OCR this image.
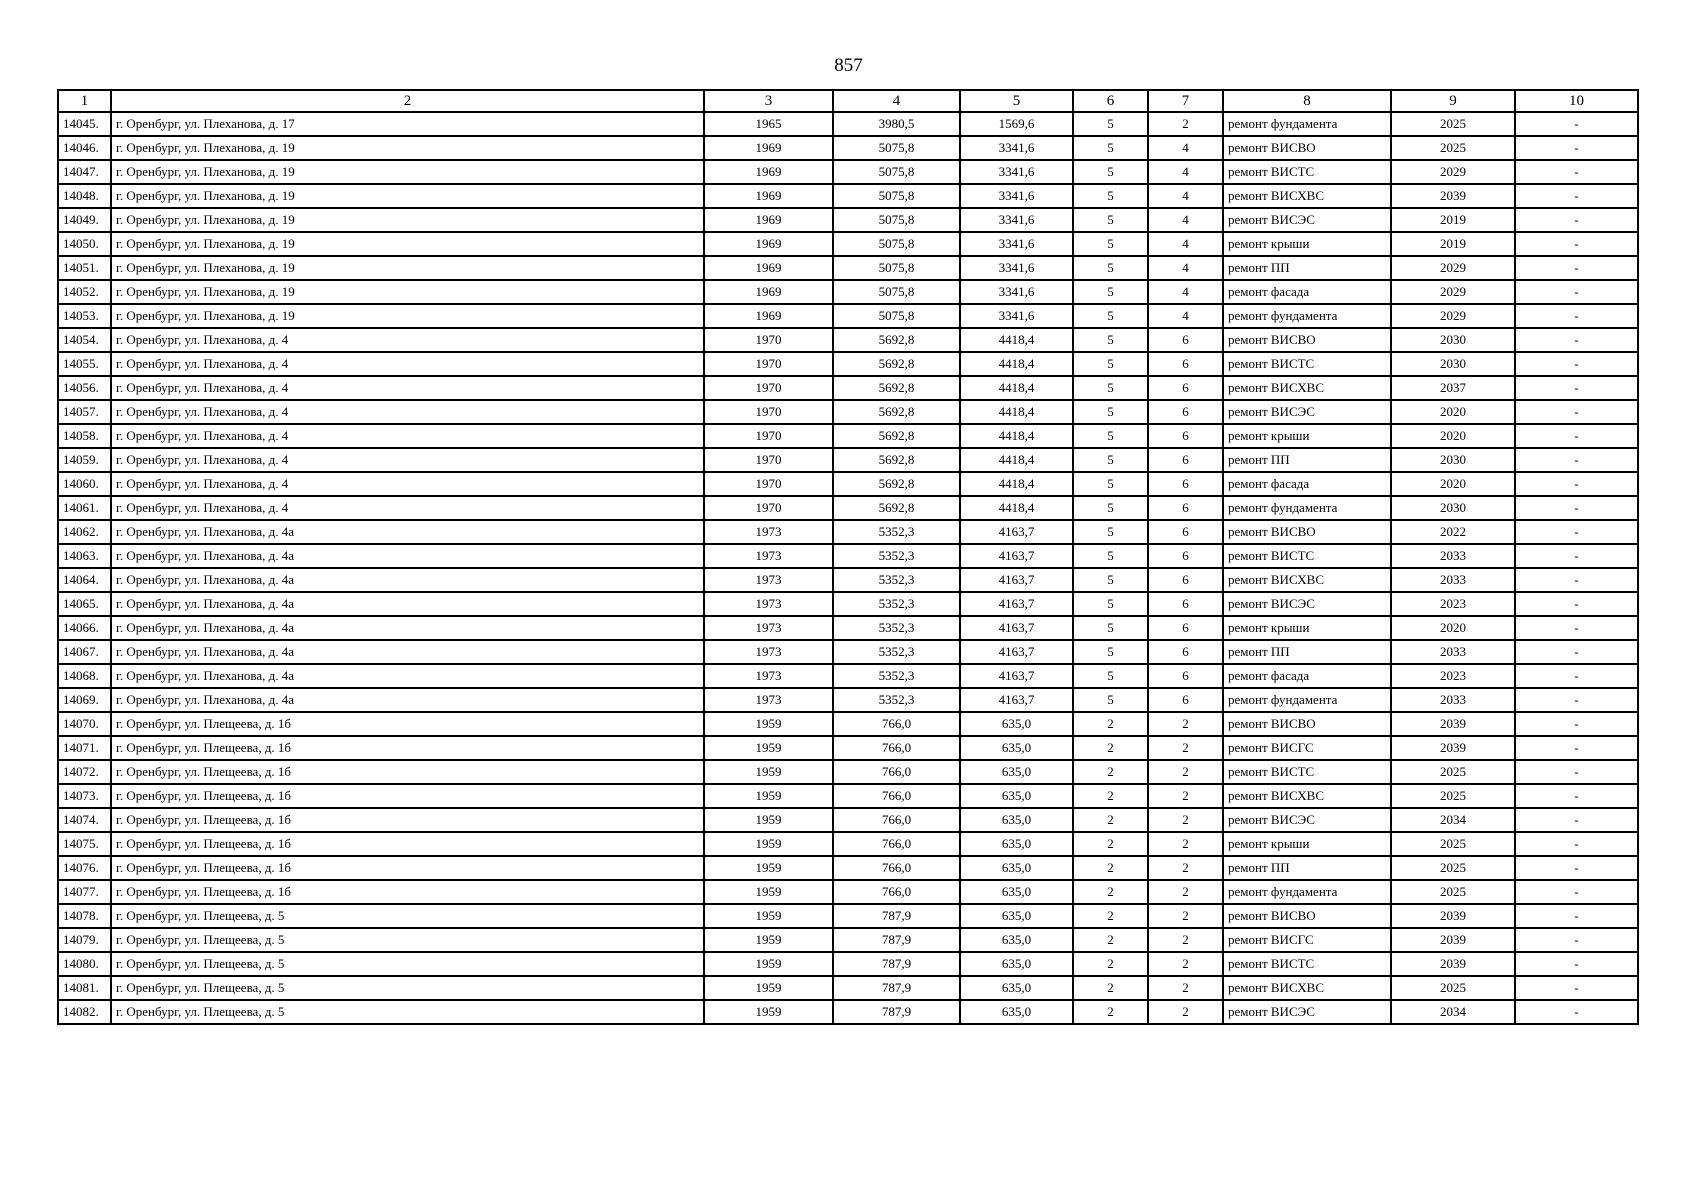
857
1	2	3	4	5	6	7	8	9	10
14045.	г. Оренбург, ул. Плеханова, д. 17	1965	3980,5	1569,6	5	2	ремонт фундамента	2025	-
14046.	г. Оренбург, ул. Плеханова, д. 19	1969	5075,8	3341,6	5	4	ремонт ВИСВО	2025	-
14047.	г. Оренбург, ул. Плеханова, д. 19	1969	5075,8	3341,6	5	4	ремонт ВИСТС	2029	-
14048.	г. Оренбург, ул. Плеханова, д. 19	1969	5075,8	3341,6	5	4	ремонт ВИСХВС	2039	-
14049.	г. Оренбург, ул. Плеханова, д. 19	1969	5075,8	3341,6	5	4	ремонт ВИСЭС	2019	-
14050.	г. Оренбург, ул. Плеханова, д. 19	1969	5075,8	3341,6	5	4	ремонт крыши	2019	-
14051.	г. Оренбург, ул. Плеханова, д. 19	1969	5075,8	3341,6	5	4	ремонт ПП	2029	-
14052.	г. Оренбург, ул. Плеханова, д. 19	1969	5075,8	3341,6	5	4	ремонт фасада	2029	-
14053.	г. Оренбург, ул. Плеханова, д. 19	1969	5075,8	3341,6	5	4	ремонт фундамента	2029	-
14054.	г. Оренбург, ул. Плеханова, д. 4	1970	5692,8	4418,4	5	6	ремонт ВИСВО	2030	-
14055.	г. Оренбург, ул. Плеханова, д. 4	1970	5692,8	4418,4	5	6	ремонт ВИСТС	2030	-
14056.	г. Оренбург, ул. Плеханова, д. 4	1970	5692,8	4418,4	5	6	ремонт ВИСХВС	2037	-
14057.	г. Оренбург, ул. Плеханова, д. 4	1970	5692,8	4418,4	5	6	ремонт ВИСЭС	2020	-
14058.	г. Оренбург, ул. Плеханова, д. 4	1970	5692,8	4418,4	5	6	ремонт крыши	2020	-
14059.	г. Оренбург, ул. Плеханова, д. 4	1970	5692,8	4418,4	5	6	ремонт ПП	2030	-
14060.	г. Оренбург, ул. Плеханова, д. 4	1970	5692,8	4418,4	5	6	ремонт фасада	2020	-
14061.	г. Оренбург, ул. Плеханова, д. 4	1970	5692,8	4418,4	5	6	ремонт фундамента	2030	-
14062.	г. Оренбург, ул. Плеханова, д. 4а	1973	5352,3	4163,7	5	6	ремонт ВИСВО	2022	-
14063.	г. Оренбург, ул. Плеханова, д. 4а	1973	5352,3	4163,7	5	6	ремонт ВИСТС	2033	-
14064.	г. Оренбург, ул. Плеханова, д. 4а	1973	5352,3	4163,7	5	6	ремонт ВИСХВС	2033	-
14065.	г. Оренбург, ул. Плеханова, д. 4а	1973	5352,3	4163,7	5	6	ремонт ВИСЭС	2023	-
14066.	г. Оренбург, ул. Плеханова, д. 4а	1973	5352,3	4163,7	5	6	ремонт крыши	2020	-
14067.	г. Оренбург, ул. Плеханова, д. 4а	1973	5352,3	4163,7	5	6	ремонт ПП	2033	-
14068.	г. Оренбург, ул. Плеханова, д. 4а	1973	5352,3	4163,7	5	6	ремонт фасада	2023	-
14069.	г. Оренбург, ул. Плеханова, д. 4а	1973	5352,3	4163,7	5	6	ремонт фундамента	2033	-
14070.	г. Оренбург, ул. Плещеева, д. 1б	1959	766,0	635,0	2	2	ремонт ВИСВО	2039	-
14071.	г. Оренбург, ул. Плещеева, д. 1б	1959	766,0	635,0	2	2	ремонт ВИСГС	2039	-
14072.	г. Оренбург, ул. Плещеева, д. 1б	1959	766,0	635,0	2	2	ремонт ВИСТС	2025	-
14073.	г. Оренбург, ул. Плещеева, д. 1б	1959	766,0	635,0	2	2	ремонт ВИСХВС	2025	-
14074.	г. Оренбург, ул. Плещеева, д. 1б	1959	766,0	635,0	2	2	ремонт ВИСЭС	2034	-
14075.	г. Оренбург, ул. Плещеева, д. 1б	1959	766,0	635,0	2	2	ремонт крыши	2025	-
14076.	г. Оренбург, ул. Плещеева, д. 1б	1959	766,0	635,0	2	2	ремонт ПП	2025	-
14077.	г. Оренбург, ул. Плещеева, д. 1б	1959	766,0	635,0	2	2	ремонт фундамента	2025	-
14078.	г. Оренбург, ул. Плещеева, д. 5	1959	787,9	635,0	2	2	ремонт ВИСВО	2039	-
14079.	г. Оренбург, ул. Плещеева, д. 5	1959	787,9	635,0	2	2	ремонт ВИСГС	2039	-
14080.	г. Оренбург, ул. Плещеева, д. 5	1959	787,9	635,0	2	2	ремонт ВИСТС	2039	-
14081.	г. Оренбург, ул. Плещеева, д. 5	1959	787,9	635,0	2	2	ремонт ВИСХВС	2025	-
14082.	г. Оренбург, ул. Плещеева, д. 5	1959	787,9	635,0	2	2	ремонт ВИСЭС	2034	-
